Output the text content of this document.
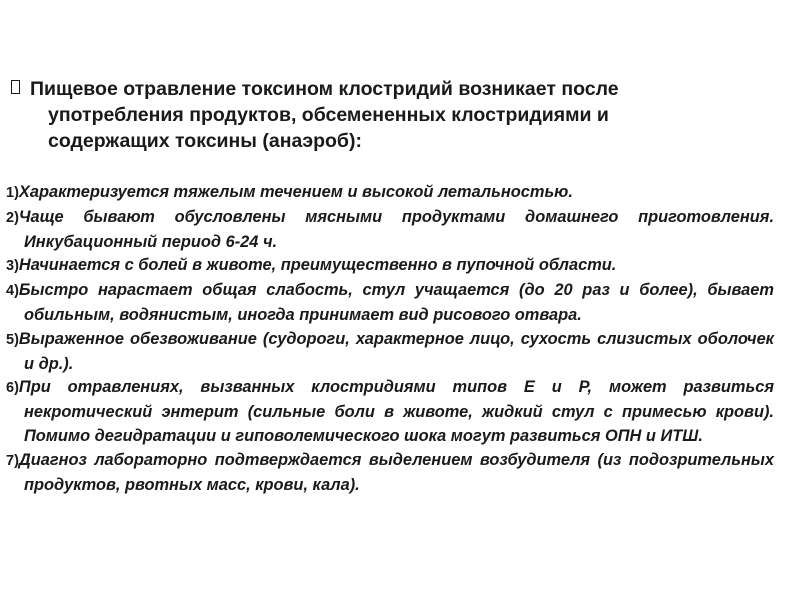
Пищевое отравление токсином клостридий возникает после
употребления продуктов, обсемененных клостридиями и
содержащих токсины (анаэроб):
1)Характеризуется тяжелым течением и высокой летальностью.
2)Чаще бывают обусловлены мясными продуктами домашнего приготовления. Инкубационный период 6-24 ч.
3)Начинается с болей в животе, преимущественно в пупочной области.
4)Быстро нарастает общая слабость, стул учащается (до 20 раз и более), бывает обильным, водянистым, иногда принимает вид рисового отвара.
5)Выраженное обезвоживание (судороги, характерное лицо, сухость слизистых оболочек и др.).
6)При отравлениях, вызванных клостридиями типов Е и Р, может развиться некротический энтерит (сильные боли в животе, жидкий стул с примесью крови). Помимо дегидратации и гиповолемического шока могут развиться ОПН и ИТШ.
7)Диагноз лабораторно подтверждается выделением возбудителя (из подозрительных продуктов, рвотных масс, крови, кала).
